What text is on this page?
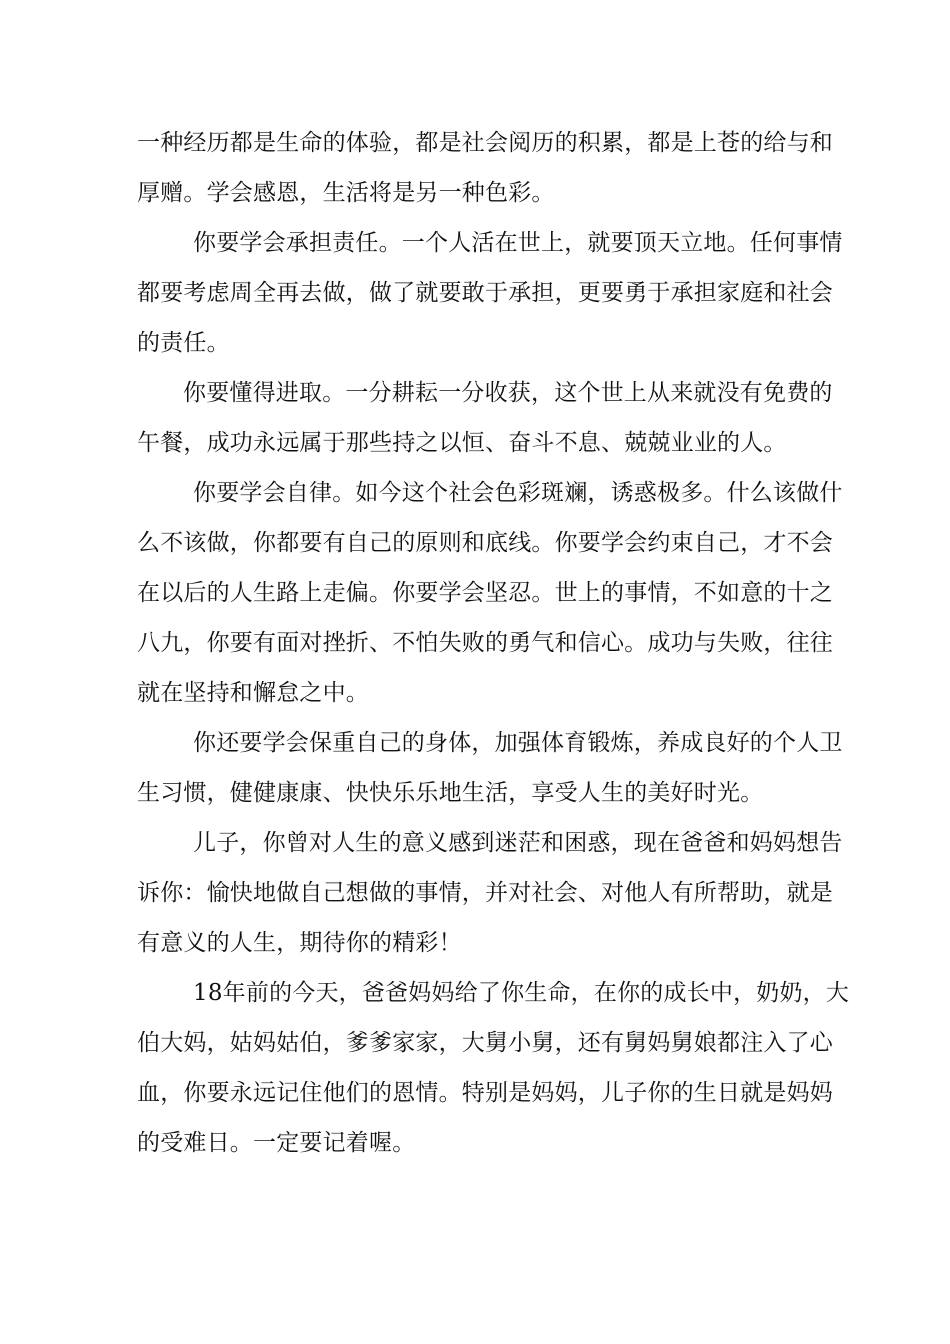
一种经历都是生命的体验，都是社会阅历的积累，都是上苍的给与和
厚赠。学会感恩，生活将是另一种色彩。

你要学会承担责任。一个人活在世上，就要顶天立地。任何事情
都要考虑周全再去做，做了就要敢于承担，更要勇于承担家庭和社会
的责任。

你要懂得进取。一分耕耘一分收获，这个世上从来就没有免费的
午餐，成功永远属于那些持之以恒、奋斗不息、兢兢业业的人。

你要学会自律。如今这个社会色彩斑斓，诱惑极多。什么该做什
么不该做，你都要有自己的原则和底线。你要学会约束自己，才不会
在以后的人生路上走偏。你要学会坚忍。世上的事情，不如意的十之
八九，你要有面对挫折、不怕失败的勇气和信心。成功与失败，往往
就在坚持和懈怠之中。

你还要学会保重自己的身体，加强体育锻炼，养成良好的个人卫
生习惯，健健康康、快快乐乐地生活，享受人生的美好时光。

儿子，你曾对人生的意义感到迷茫和困惑，现在爸爸和妈妈想告
诉你：愉快地做自己想做的事情，并对社会、对他人有所帮助，就是
有意义的人生，期待你的精彩！

18年前的今天，爸爸妈妈给了你生命，在你的成长中，奶奶，大
伯大妈，姑妈姑伯，爹爹家家，大舅小舅，还有舅妈舅娘都注入了心
血，你要永远记住他们的恩情。特别是妈妈，儿子你的生日就是妈妈
的受难日。一定要记着喔。
